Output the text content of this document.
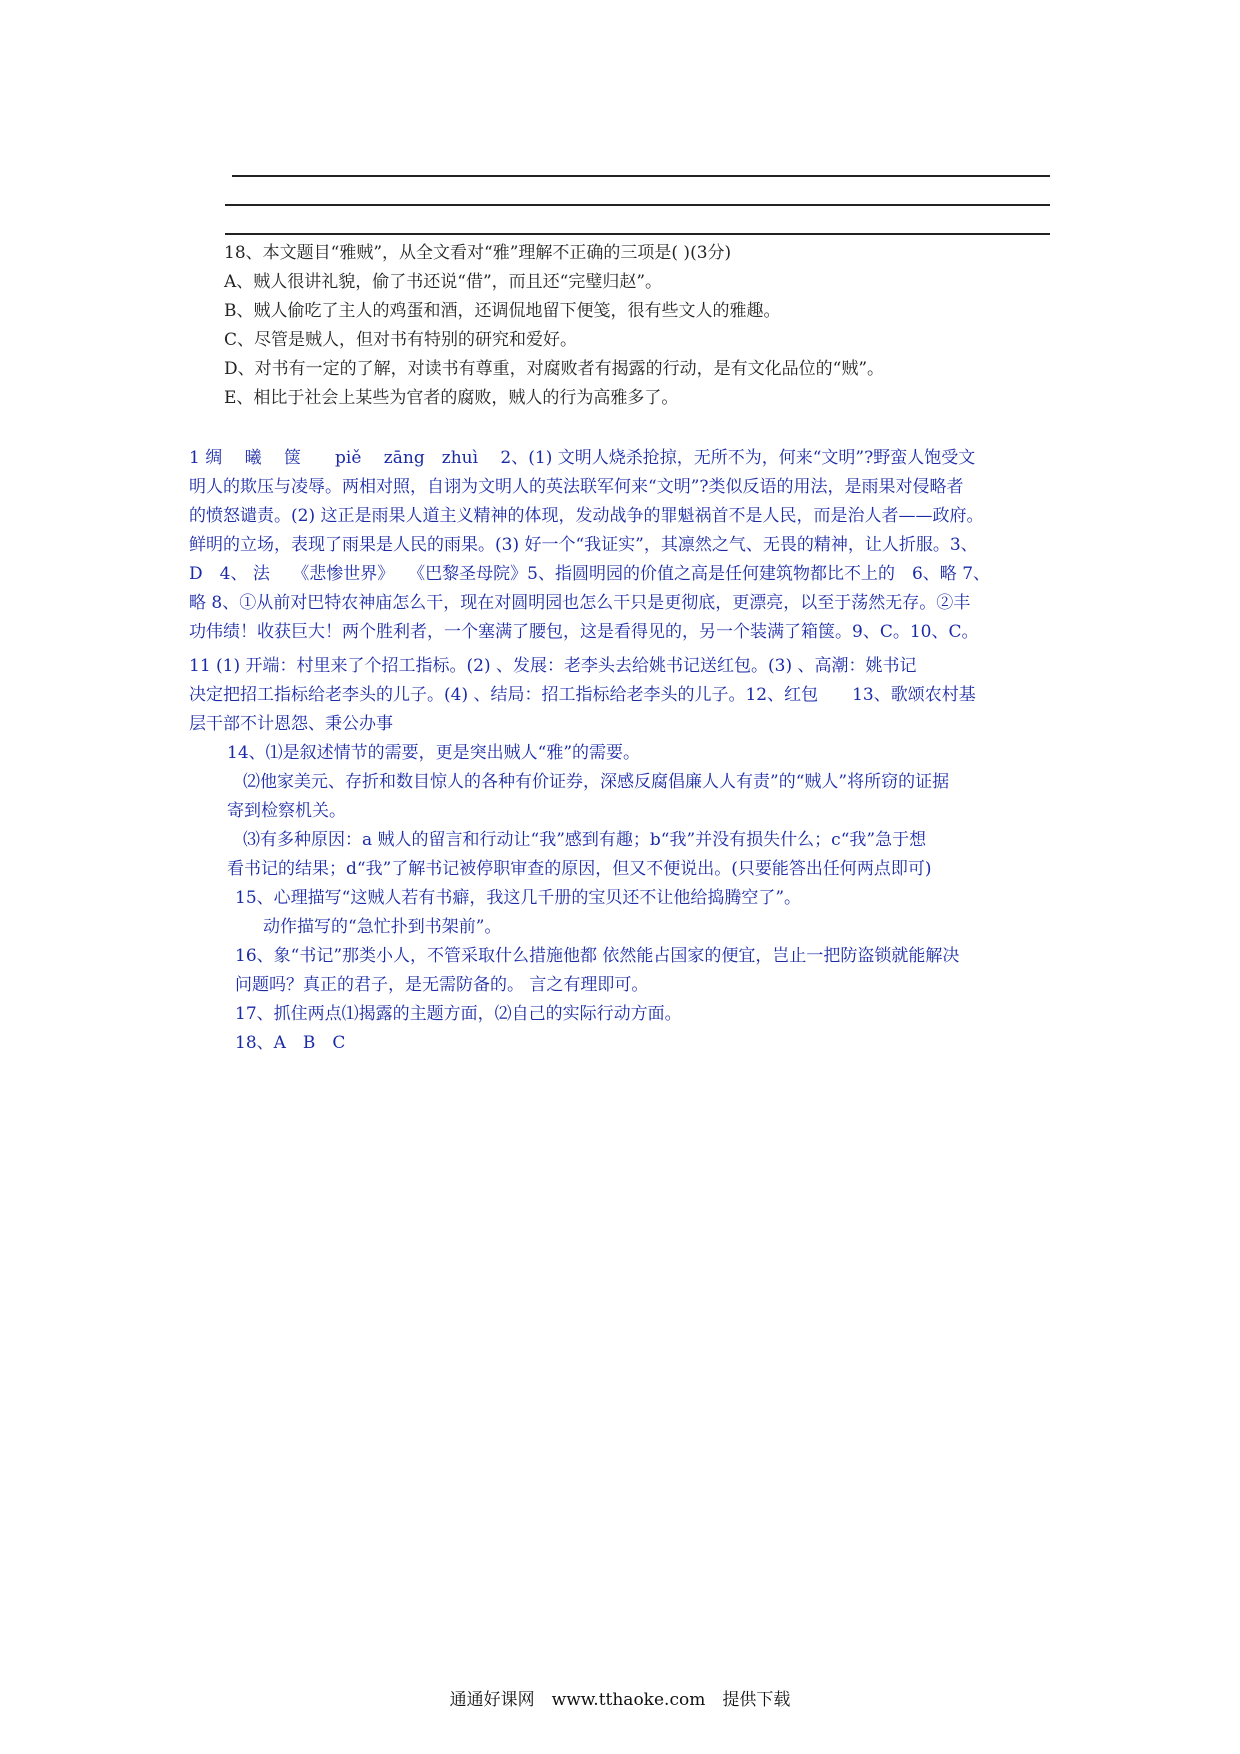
18、本文题目“雅贼”，从全文看对“雅”理解不正确的三项是( )(3分)
A、贼人很讲礼貌，偷了书还说“借”，而且还“完璧归赵”。
B、贼人偷吃了主人的鸡蛋和酒，还调侃地留下便笺，很有些文人的雅趣。
C、尽管是贼人，但对书有特别的研究和爱好。
D、对书有一定的了解，对读书有尊重，对腐败者有揭露的行动，是有文化品位的“贼”。
E、相比于社会上某些为官者的腐败，贼人的行为高雅多了。
1 绸　 曦　 箧　　piě　 zāng　zhuì　 2、(1) 文明人烧杀抢掠，无所不为，何来“文明”?野蛮人饱受文
明人的欺压与凌辱。两相对照，自诩为文明人的英法联军何来“文明”?类似反语的用法，是雨果对侵略者
的愤怒谴责。(2) 这正是雨果人道主义精神的体现，发动战争的罪魁祸首不是人民，而是治人者——政府。
鲜明的立场，表现了雨果是人民的雨果。(3) 好一个“我证实”，其凛然之气、无畏的精神，让人折服。3、
D　4、 法　 《悲惨世界》　 《巴黎圣母院》5、指圆明园的价值之高是任何建筑物都比不上的　6、略 7、
略 8、①从前对巴特农神庙怎么干，现在对圆明园也怎么干只是更彻底，更漂亮，以至于荡然无存。②丰
功伟绩！收获巨大！两个胜利者，一个塞满了腰包，这是看得见的，另一个装满了箱箧。9、C。10、C。
11 (1) 开端：村里来了个招工指标。(2) 、发展：老李头去给姚书记送红包。(3) 、高潮：姚书记
决定把招工指标给老李头的儿子。(4) 、结局：招工指标给老李头的儿子。12、红包　　13、歌颂农村基
层干部不计恩怨、秉公办事
14、⑴是叙述情节的需要，更是突出贼人“雅”的需要。
⑵他家美元、存折和数目惊人的各种有价证券，深感反腐倡廉人人有责”的“贼人”将所窃的证据
寄到检察机关。
⑶有多种原因：a 贼人的留言和行动让“我”感到有趣；b“我”并没有损失什么；c“我”急于想
看书记的结果；d“我”了解书记被停职审查的原因，但又不便说出。(只要能答出任何两点即可)
15、心理描写“这贼人若有书癖，我这几千册的宝贝还不让他给捣腾空了”。
动作描写的“急忙扑到书架前”。
16、象“书记”那类小人，不管采取什么措施他都 依然能占国家的便宜，岂止一把防盗锁就能解决
问题吗？真正的君子，是无需防备的。 言之有理即可。
17、抓住两点⑴揭露的主题方面，⑵自己的实际行动方面。
18、A　B　C
通通好课网　www.tthaoke.com　提供下载
